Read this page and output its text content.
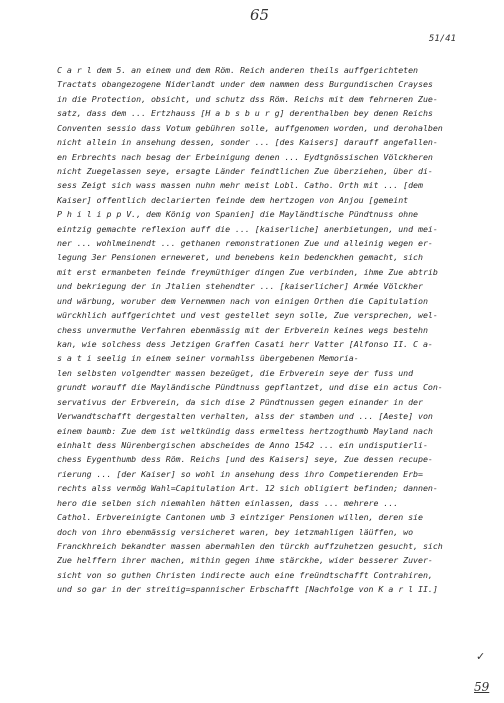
65
51/41
C a r l dem 5. an einem und dem Röm. Reich anderen theils auffgerichteten
Tractats obangezogene Niderlandt under dem nammen dess Burgundischen Crayses
in die Protection, obsicht, und schutz dss Röm. Reichs mit dem fehrneren Zue-
satz, dass dem ... Ertzhauss [H a b s b u r g] derenthalben bey denen Reichs
Conventen sessio dass Votum gebühren solle, auffgenomen worden, und derohalben
nicht allein in ansehung dessen, sonder ... [des Kaisers] darauff angefallen-
en Erbrechts nach besag der Erbeinigung denen ... Eydtgnössischen Völckheren
nicht Zuegelassen seye, ersagte Länder feindtlichen Zue überziehen, über di-
sess Zeigt sich wass massen nuhn mehr meist Lobl. Catho. Orth mit ... [dem
Kaiser] offentlich declarierten feinde dem hertzogen von Anjou [gemeint
P h i l i p p V., dem König von Spanien] die Mayländtische Pündtnuss ohne
eintzig gemachte reflexion auff die ... [kaiserliche] anerbietungen, und mei-
ner ... wohlmeinendt ... gethanen remonstrationen Zue und alleinig wegen er-
legung 3er Pensionen erneweret, und benebens kein bedenckhen gemacht, sich
mit erst ermanbeten feinde freymüthiger dingen Zue verbinden, ihme Zue abtrib
und bekriegung der in Jtalien stehendter ... [kaiserlicher] Armée Völckher
und wärbung, woruber dem Vernemmen nach von einigen Orthen die Capitulation
würckhlich auffgerichtet und vest gestellet seyn solle, Zue versprechen, wel-
chess unvermuthe Verfahren ebenmässig mit der Erbverein keines wegs bestehn
kan, wie solchess dess Jetzigen Graffen Casati herr Vatter [Alfonso II. C a-
s a t i seelig in einem seiner vormahlss übergebenen Memoria-
len selbsten volgendter massen bezeüget, die Erbverein seye der fuss und
grundt worauff die Mayländische Pündtnuss gepflantzet, und dise ein actus Con-
servativus der Erbverein, da sich dise 2 Pündtnussen gegen einander in der
Verwandtschafft dergestalten verhalten, alss der stamben und ... [Aeste] von
einem baumb: Zue dem ist weltkündig dass ermeltess hertzogthumb Mayland nach
einhalt dess Nürenbergischen abscheides de Anno 1542 ... ein undisputierli-
chess Eygenthumb dess Röm. Reichs [und des Kaisers] seye, Zue dessen recupe-
rierung ... [der Kaiser] so wohl in ansehung dess ihro Competierenden Erb=
rechts alss vermög Wahl=Capitulation Art. 12 sich obligiert befinden; dannen-
hero die selben sich niemahlen hätten einlassen, dass ... mehrere ...
Cathol. Erbvereinigte Cantonen umb 3 eintziger Pensionen willen, deren sie
doch von ihro ebenmässig versicheret waren, bey ietzmahligen läüffen, wo
Franckhreich bekandter massen abermahlen den türckh auffzuhetzen gesucht, sich
Zue helffern ihrer machen, mithin gegen ihme stärckhe, wider besserer Zuver-
sicht von so guthen Christen indirecte auch eine freündtschafft Contrahiren,
und so gar in der streitig=spannischer Erbschafft [Nachfolge von K a r l II.]
✓
59
